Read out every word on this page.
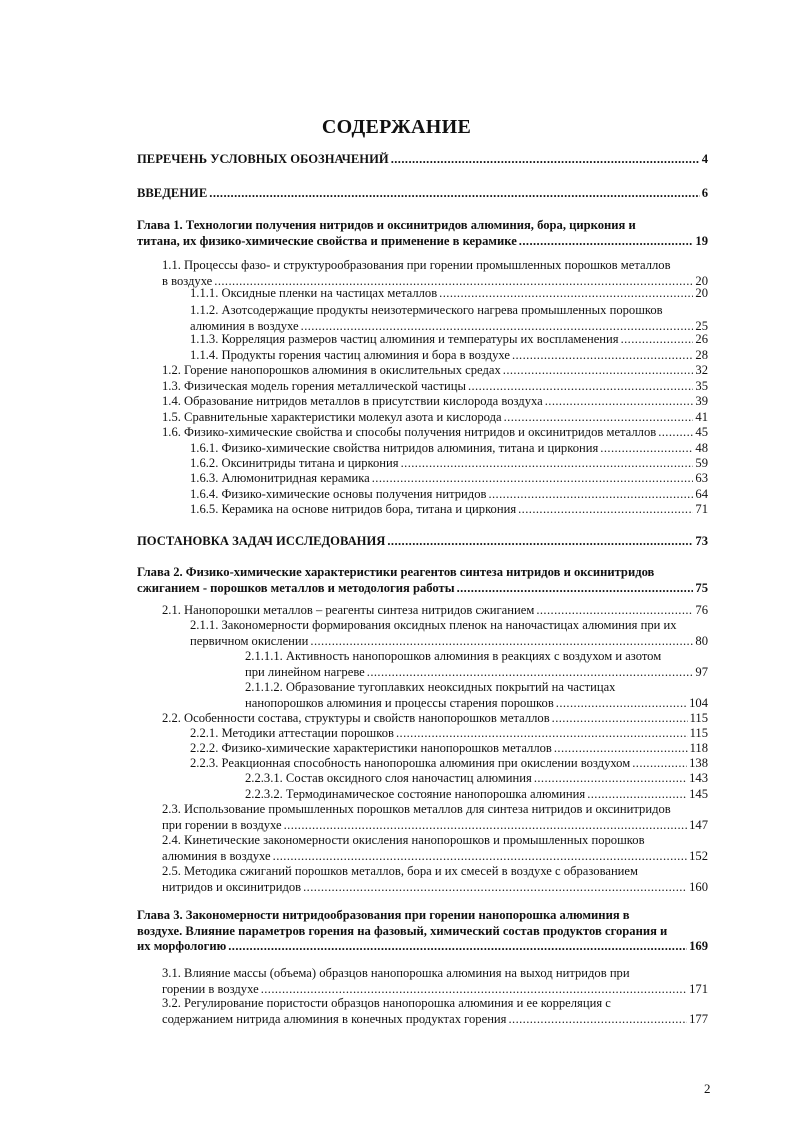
СОДЕРЖАНИЕ
ПЕРЕЧЕНЬ УСЛОВНЫХ ОБОЗНАЧЕНИЙ .....	4
ВВЕДЕНИЕ .....	6
Глава 1. Технологии получения нитридов и оксинитридов алюминия, бора, циркония и
титана, их физико-химические свойства и применение в керамике .....	19
1.1. Процессы фазо- и структурообразования при горении промышленных порошков металлов
в воздухе .....	20
1.1.1. Оксидные пленки на частицах металлов .....	20
1.1.2. Азотсодержащие продукты неизотермического нагрева промышленных порошков
алюминия в воздухе .....	25
1.1.3. Корреляция размеров частиц алюминия и температуры их воспламенения .....	26
1.1.4. Продукты горения частиц алюминия и бора в воздухе .....	28
1.2. Горение нанопорошков алюминия в окислительных средах .....	32
1.3. Физическая модель горения металлической частицы .....	35
1.4. Образование нитридов металлов в присутствии кислорода воздуха .....	39
1.5. Сравнительные характеристики молекул азота и кислорода .....	41
1.6. Физико-химические свойства и способы получения нитридов и оксинитридов металлов .....	45
1.6.1. Физико-химические свойства нитридов алюминия, титана и циркония .....	48
1.6.2. Оксинитриды титана и циркония .....	59
1.6.3. Алюмонитридная керамика .....	63
1.6.4. Физико-химические основы получения нитридов .....	64
1.6.5. Керамика на основе нитридов бора, титана и циркония .....	71
ПОСТАНОВКА ЗАДАЧ ИССЛЕДОВАНИЯ .....	73
Глава 2. Физико-химические характеристики реагентов синтеза нитридов и оксинитридов
сжиганием - порошков металлов и методология работы .....	75
2.1. Нанопорошки металлов – реагенты синтеза нитридов сжиганием .....	76
2.1.1. Закономерности формирования оксидных пленок на наночастицах алюминия при их
первичном окислении .....	80
2.1.1.1. Активность нанопорошков алюминия в реакциях с воздухом и азотом
при линейном нагреве .....	97
2.1.1.2. Образование тугоплавких неоксидных покрытий на частицах
нанопорошков алюминия и процессы старения порошков .....	104
2.2. Особенности состава, структуры и свойств нанопорошков металлов .....	115
2.2.1. Методики аттестации порошков .....	115
2.2.2. Физико-химические характеристики нанопорошков металлов .....	118
2.2.3. Реакционная способность нанопорошка алюминия при окислении воздухом .....	138
2.2.3.1. Состав оксидного слоя наночастиц алюминия .....	143
2.2.3.2. Термодинамическое состояние нанопорошка алюминия .....	145
2.3. Использование промышленных порошков металлов для синтеза нитридов и оксинитридов
при горении в воздухе .....	147
2.4. Кинетические закономерности окисления нанопорошков и промышленных порошков
алюминия в воздухе .....	152
2.5. Методика сжиганий порошков металлов, бора и их смесей в воздухе с образованием
нитридов и оксинитридов .....	160
Глава 3. Закономерности нитридообразования при горении нанопорошка алюминия в
воздухе. Влияние параметров горения на фазовый, химический состав продуктов сгорания и
их морфологию .....	169
3.1. Влияние массы (объема) образцов нанопорошка алюминия на выход нитридов при
горении в воздухе .....	171
3.2. Регулирование пористости образцов нанопорошка алюминия и ее корреляция с
содержанием нитрида алюминия в конечных продуктах горения .....	177
2
